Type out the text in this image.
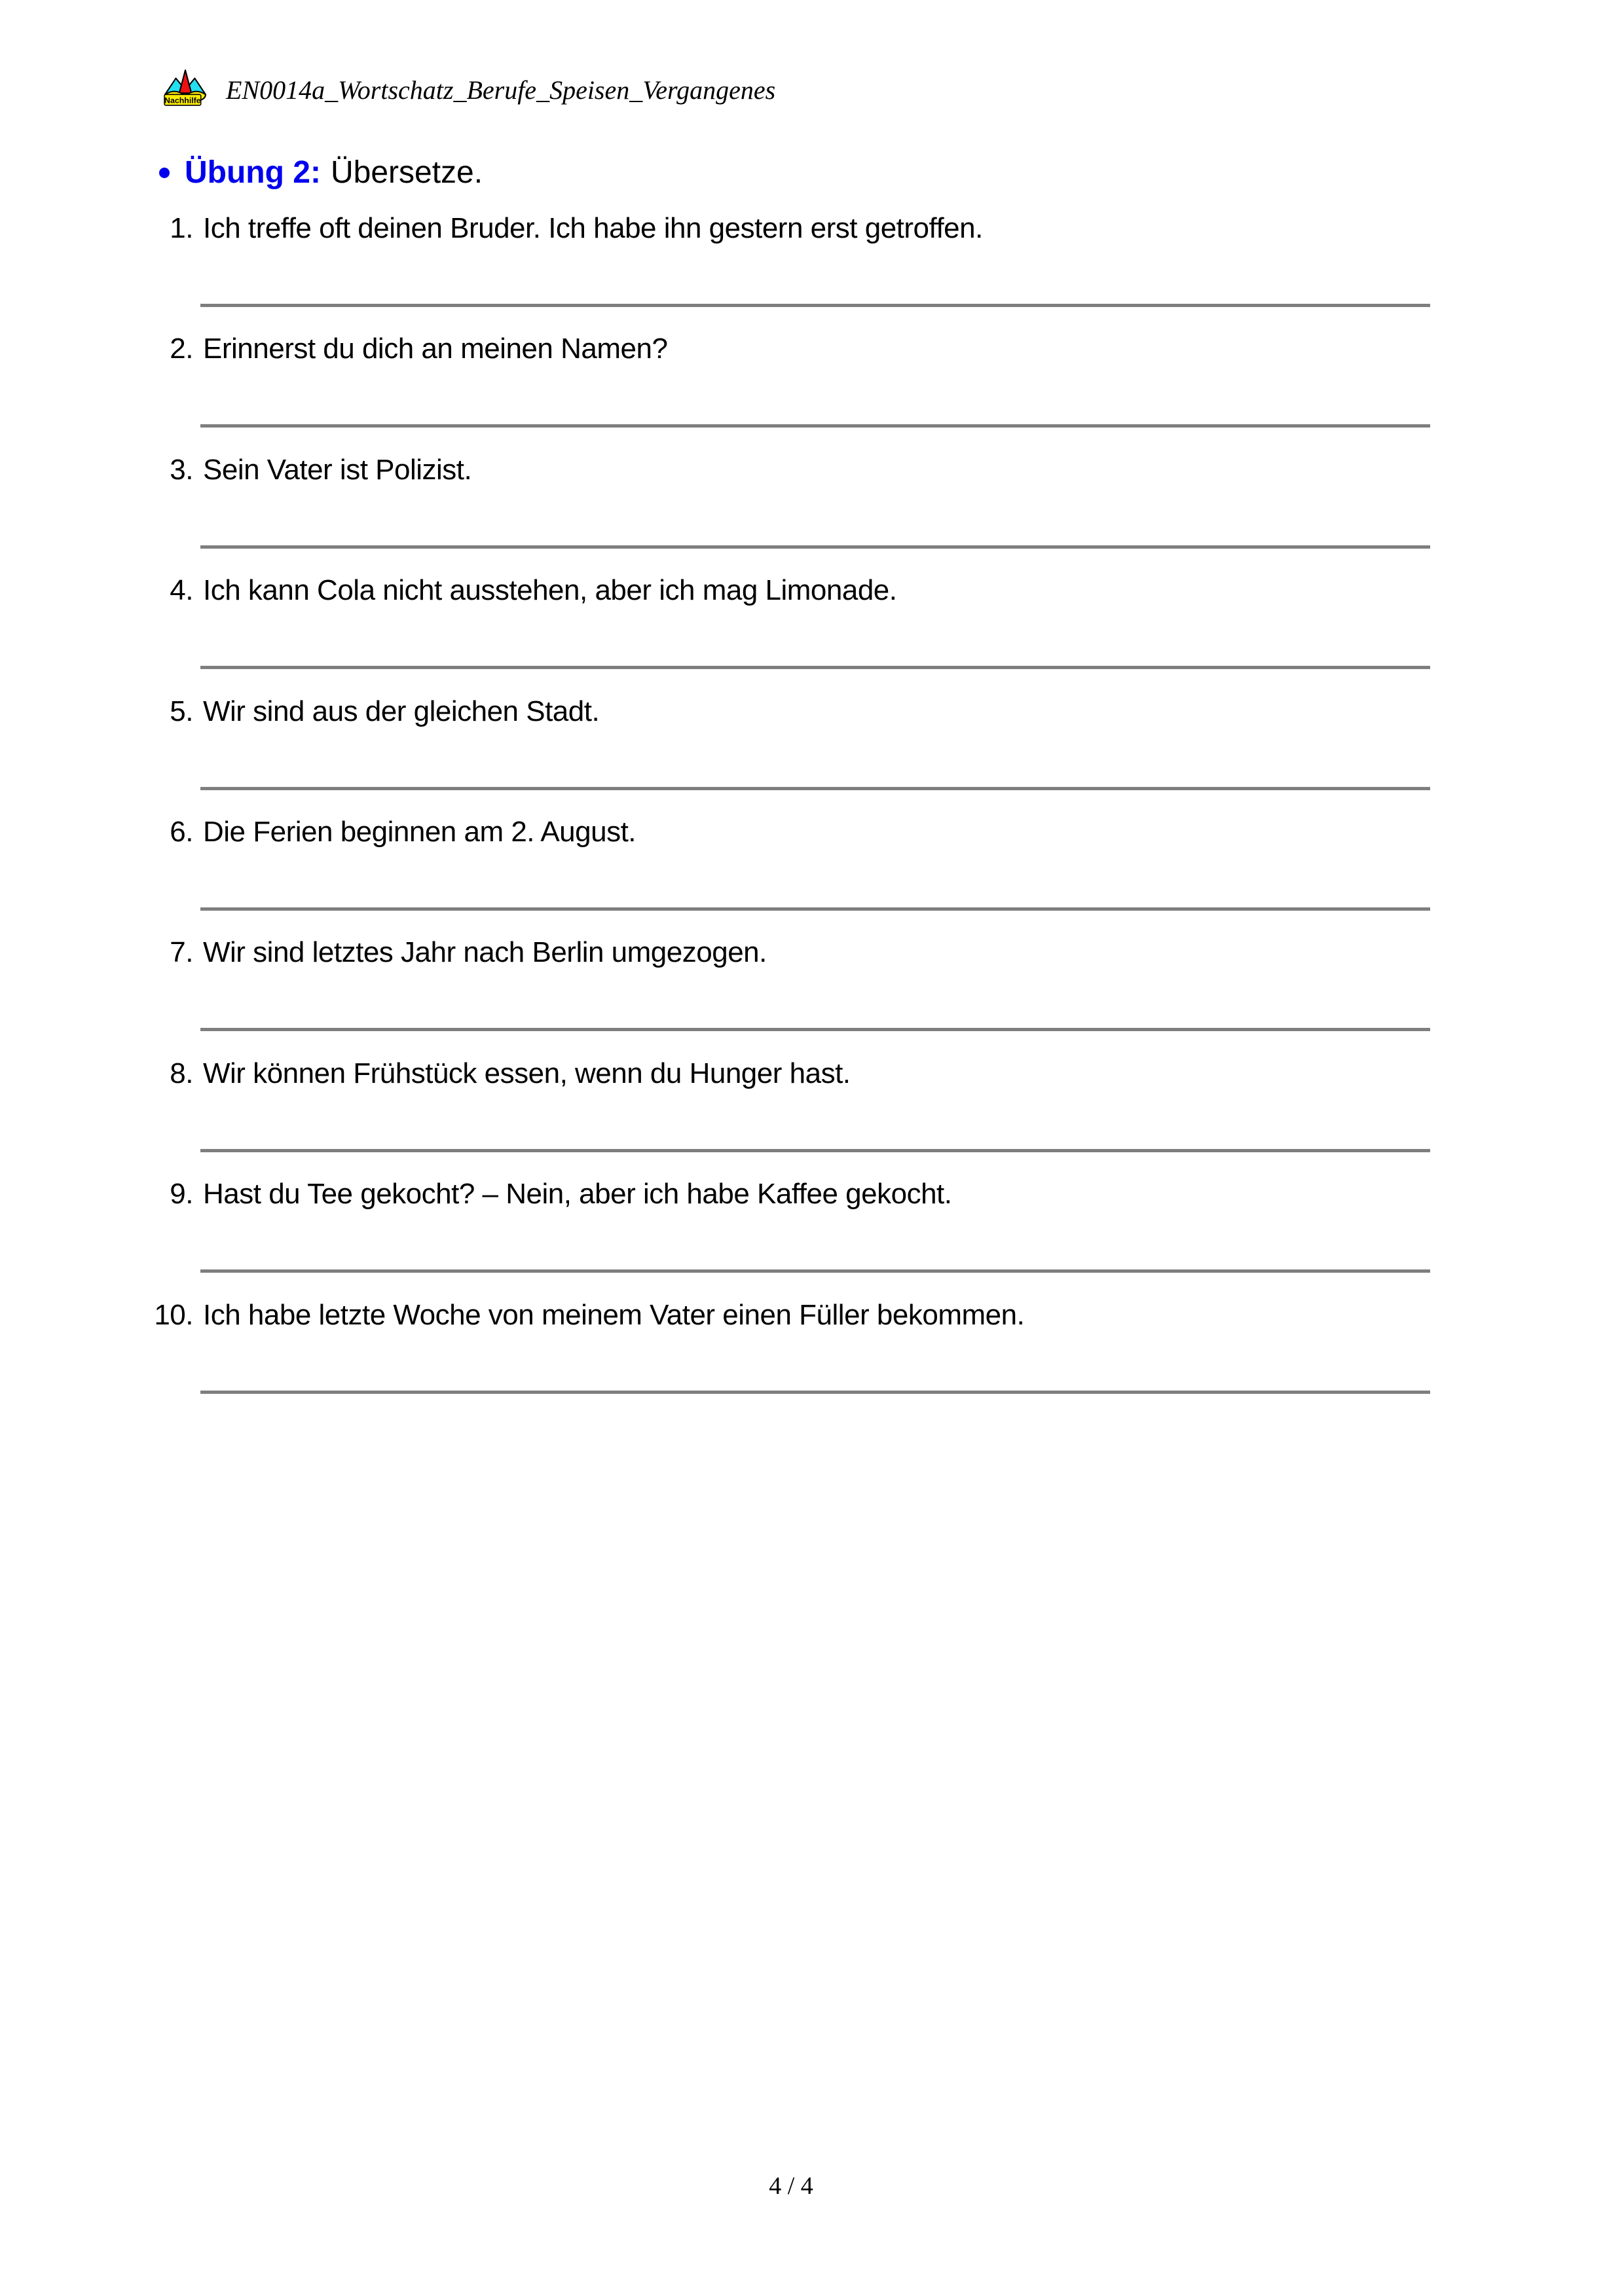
Nachhilfe EN0014a_Wortschatz_Berufe_Speisen_Vergangenes
Übung 2: Übersetze.
1. Ich treffe oft deinen Bruder. Ich habe ihn gestern erst getroffen.
2. Erinnerst du dich an meinen Namen?
3. Sein Vater ist Polizist.
4. Ich kann Cola nicht ausstehen, aber ich mag Limonade.
5. Wir sind aus der gleichen Stadt.
6. Die Ferien beginnen am 2. August.
7. Wir sind letztes Jahr nach Berlin umgezogen.
8. Wir können Frühstück essen, wenn du Hunger hast.
9. Hast du Tee gekocht? – Nein, aber ich habe Kaffee gekocht.
10. Ich habe letzte Woche von meinem Vater einen Füller bekommen.
4 / 4
